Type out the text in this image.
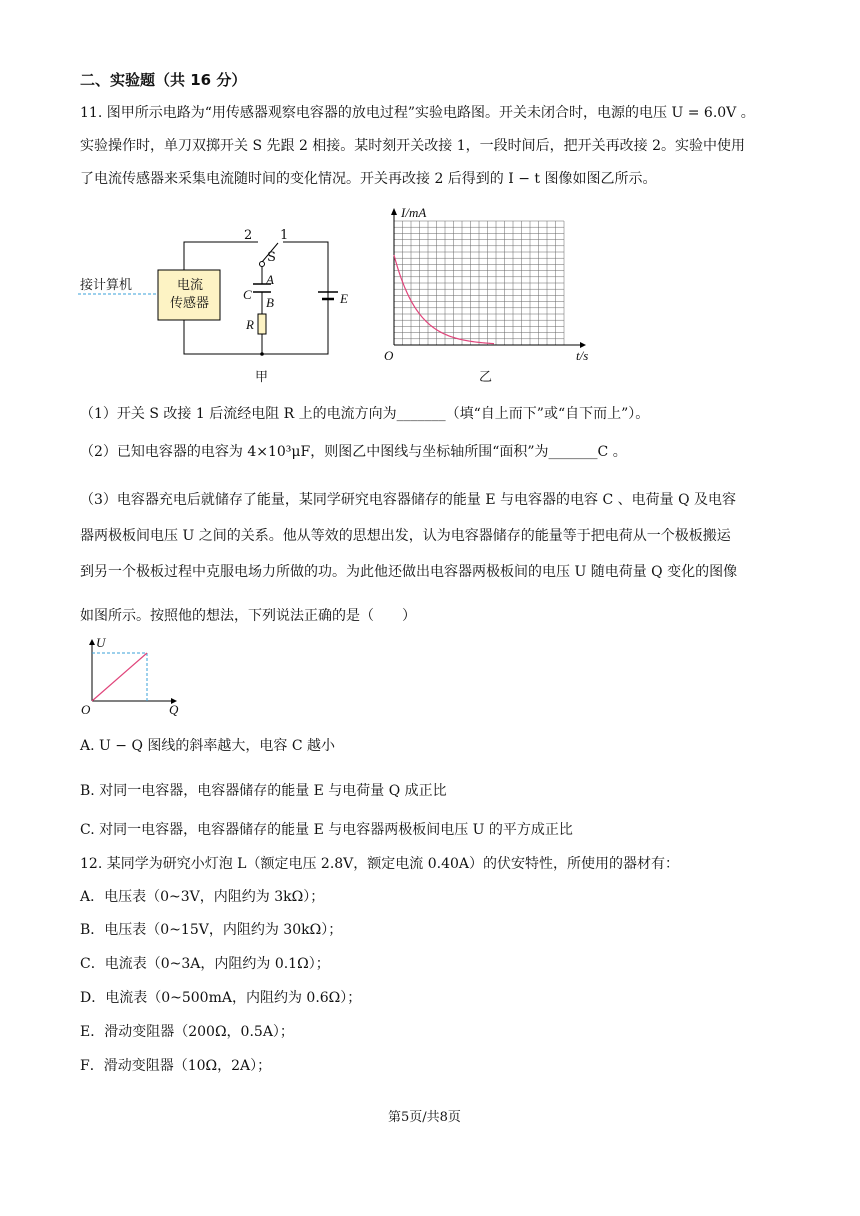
二、实验题（共 16 分）
11. 图甲所示电路为“用传感器观察电容器的放电过程”实验电路图。开关未闭合时，电源的电压 U = 6.0V 。
实验操作时，单刀双掷开关 S 先跟 2 相接。某时刻开关改接 1，一段时间后，把开关再改接 2。实验中使用
了电流传感器来采集电流随时间的变化情况。开关再改接 2 后得到的 I − t 图像如图乙所示。
接计算机	电流
传感器
2 1
S
A
C
B
R
E
甲
I/mA
O	t/s
乙
（1）开关 S 改接 1 后流经电阻 R 上的电流方向为_______（填“自上而下”或“自下而上”）。
（2）已知电容器的电容为 4×10³μF，则图乙中图线与坐标轴所围“面积”为_______C 。
（3）电容器充电后就储存了能量，某同学研究电容器储存的能量 E 与电容器的电容 C 、电荷量 Q 及电容
器两极板间电压 U 之间的关系。他从等效的思想出发，认为电容器储存的能量等于把电荷从一个极板搬运
到另一个极板过程中克服电场力所做的功。为此他还做出电容器两极板间的电压 U 随电荷量 Q 变化的图像
如图所示。按照他的想法，下列说法正确的是（　　）
U
O	Q
A. U − Q 图线的斜率越大，电容 C 越小
B. 对同一电容器，电容器储存的能量 E 与电荷量 Q 成正比
C. 对同一电容器，电容器储存的能量 E 与电容器两极板间电压 U 的平方成正比
12. 某同学为研究小灯泡 L（额定电压 2.8V，额定电流 0.40A）的伏安特性，所使用的器材有：
A．电压表（0~3V，内阻约为 3kΩ）；
B．电压表（0~15V，内阻约为 30kΩ）；
C．电流表（0~3A，内阻约为 0.1Ω）；
D．电流表（0~500mA，内阻约为 0.6Ω）；
E．滑动变阻器（200Ω，0.5A）；
F．滑动变阻器（10Ω，2A）；
第5页/共8页
